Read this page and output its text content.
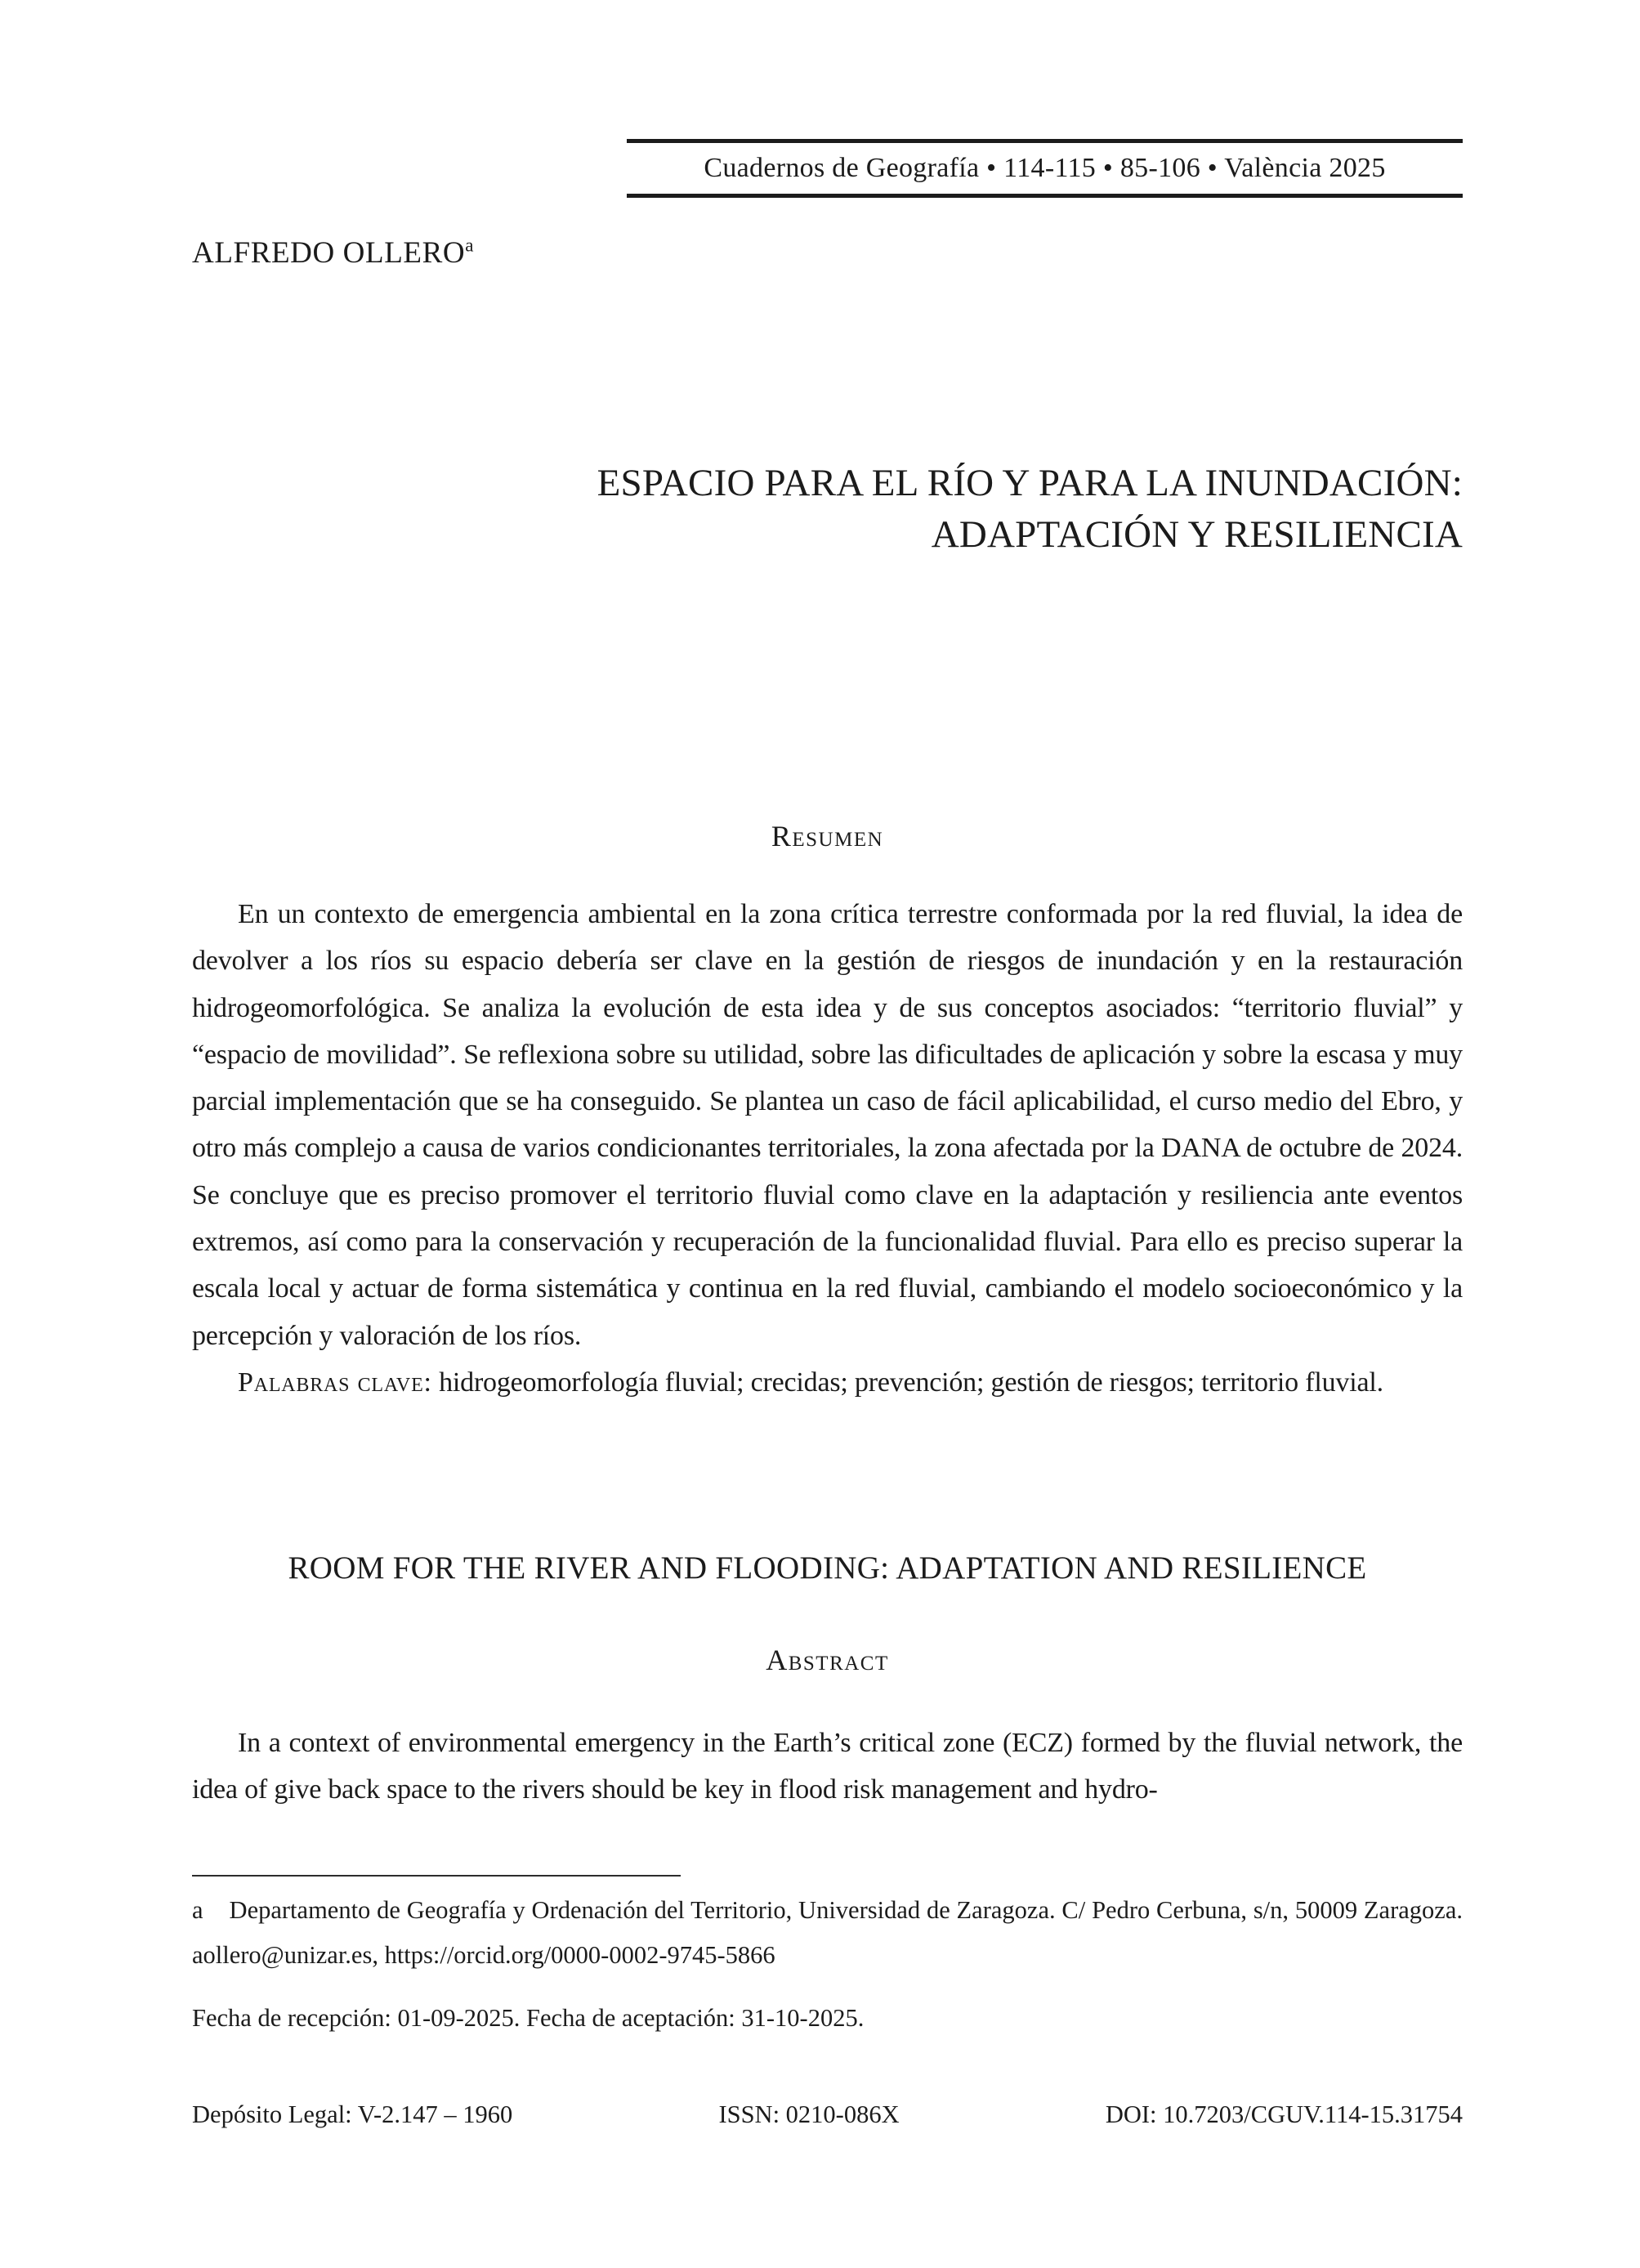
Cuadernos de Geografía • 114-115 • 85-106 • València 2025
ALFREDO OLLERO$^a$
ESPACIO PARA EL RÍO Y PARA LA INUNDACIÓN:
ADAPTACIÓN Y RESILIENCIA
Resumen

En un contexto de emergencia ambiental en la zona crítica terrestre conformada por la red fluvial, la idea de devolver a los ríos su espacio debería ser clave en la gestión de riesgos de inundación y en la restauración hidrogeomorfológica. Se analiza la evolución de esta idea y de sus conceptos asociados: “territorio fluvial” y “espacio de movilidad”. Se reflexiona sobre su utilidad, sobre las dificultades de aplicación y sobre la escasa y muy parcial implementación que se ha conseguido. Se plantea un caso de fácil aplicabilidad, el curso medio del Ebro, y otro más complejo a causa de varios condicionantes territoriales, la zona afectada por la DANA de octubre de 2024. Se concluye que es preciso promover el territorio fluvial como clave en la adaptación y resiliencia ante eventos extremos, así como para la conservación y recuperación de la funcionalidad fluvial. Para ello es preciso superar la escala local y actuar de forma sistemática y continua en la red fluvial, cambiando el modelo socioeconómico y la percepción y valoración de los ríos.

Palabras clave: hidrogeomorfología fluvial; crecidas; prevención; gestión de riesgos; territorio fluvial.

ROOM FOR THE RIVER AND FLOODING: ADAPTATION AND RESILIENCE
Abstract

In a context of environmental emergency in the Earth’s critical zone (ECZ) formed by the fluvial network, the idea of give back space to the rivers should be key in flood risk management and hydro-

a Departamento de Geografía y Ordenación del Territorio, Universidad de Zaragoza. C/ Pedro Cerbuna, s/n, 50009 Zaragoza. aollero@unizar.es, https://orcid.org/0000-0002-9745-5866
Fecha de recepción: 01-09-2025. Fecha de aceptación: 31-10-2025.
Depósito Legal: V-2.147 – 1960	ISSN: 0210-086X	DOI: 10.7203/CGUV.114-15.31754
